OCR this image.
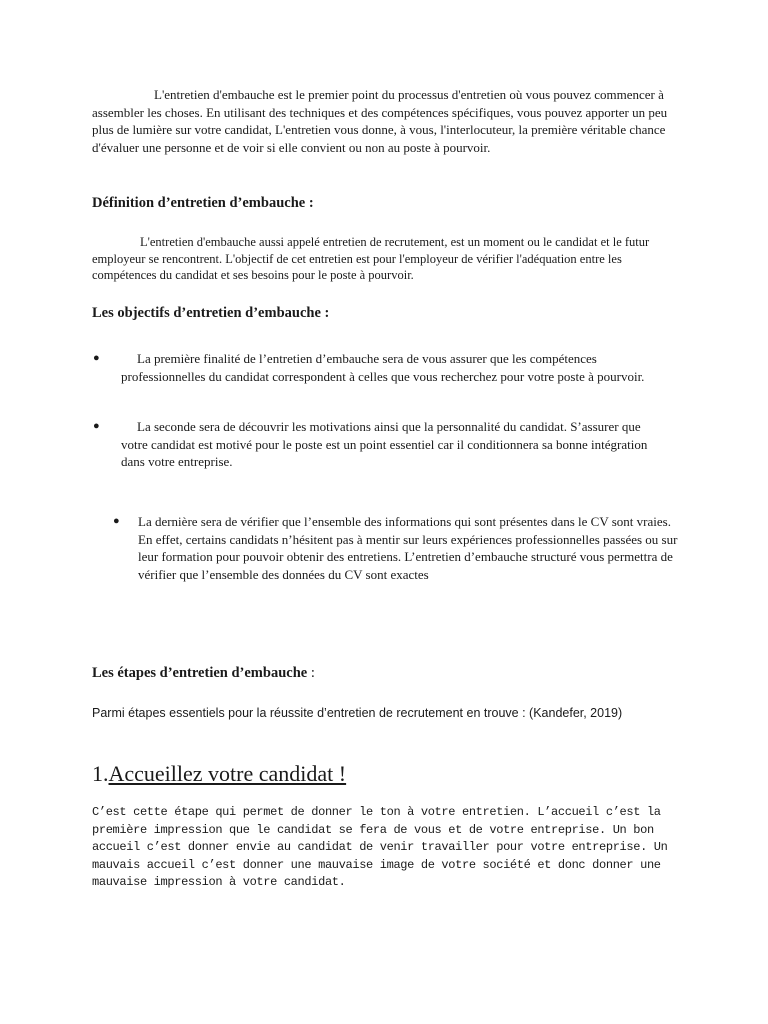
L'entretien d'embauche est le premier point du processus d'entretien où vous pouvez commencer à assembler les choses. En utilisant des techniques et des compétences spécifiques, vous pouvez apporter un peu plus de lumière sur votre candidat, L'entretien vous donne, à vous, l'interlocuteur, la première véritable chance d'évaluer une personne et de voir si elle convient ou non au poste à pourvoir.

Définition d’entretien d’embauche :

L'entretien d'embauche aussi appelé entretien de recrutement, est un moment ou le candidat et le futur employeur se rencontrent. L'objectif de cet entretien est pour l'employeur de vérifier l'adéquation entre les compétences du candidat et ses besoins pour le poste à pourvoir.

Les objectifs d’entretien d’embauche :
●	La première finalité de l’entretien d’embauche sera de vous assurer que les compétences professionnelles du candidat correspondent à celles que vous recherchez pour votre poste à pourvoir.
●	La seconde sera de découvrir les motivations ainsi que la personnalité du candidat. S’assurer que votre candidat est motivé pour le poste est un point essentiel car il conditionnera sa bonne intégration dans votre entreprise.
● La dernière sera de vérifier que l’ensemble des informations qui sont présentes dans le CV sont vraies. En effet, certains candidats n’hésitent pas à mentir sur leurs expériences professionnelles passées ou sur leur formation pour pouvoir obtenir des entretiens. L’entretien d’embauche structuré vous permettra de vérifier que l’ensemble des données du CV sont exactes
Les étapes d’entretien d’embauche :

Parmi étapes essentiels pour la réussite d’entretien de recrutement en trouve : (Kandefer, 2019)

1.Accueillez votre candidat !

C’est cette étape qui permet de donner le ton à votre entretien. L’accueil c’est la première impression que le candidat se fera de vous et de votre entreprise. Un bon accueil c’est donner envie au candidat de venir travailler pour votre entreprise. Un mauvais accueil c’est donner une mauvaise image de votre société et donc donner une mauvaise impression à votre candidat.
